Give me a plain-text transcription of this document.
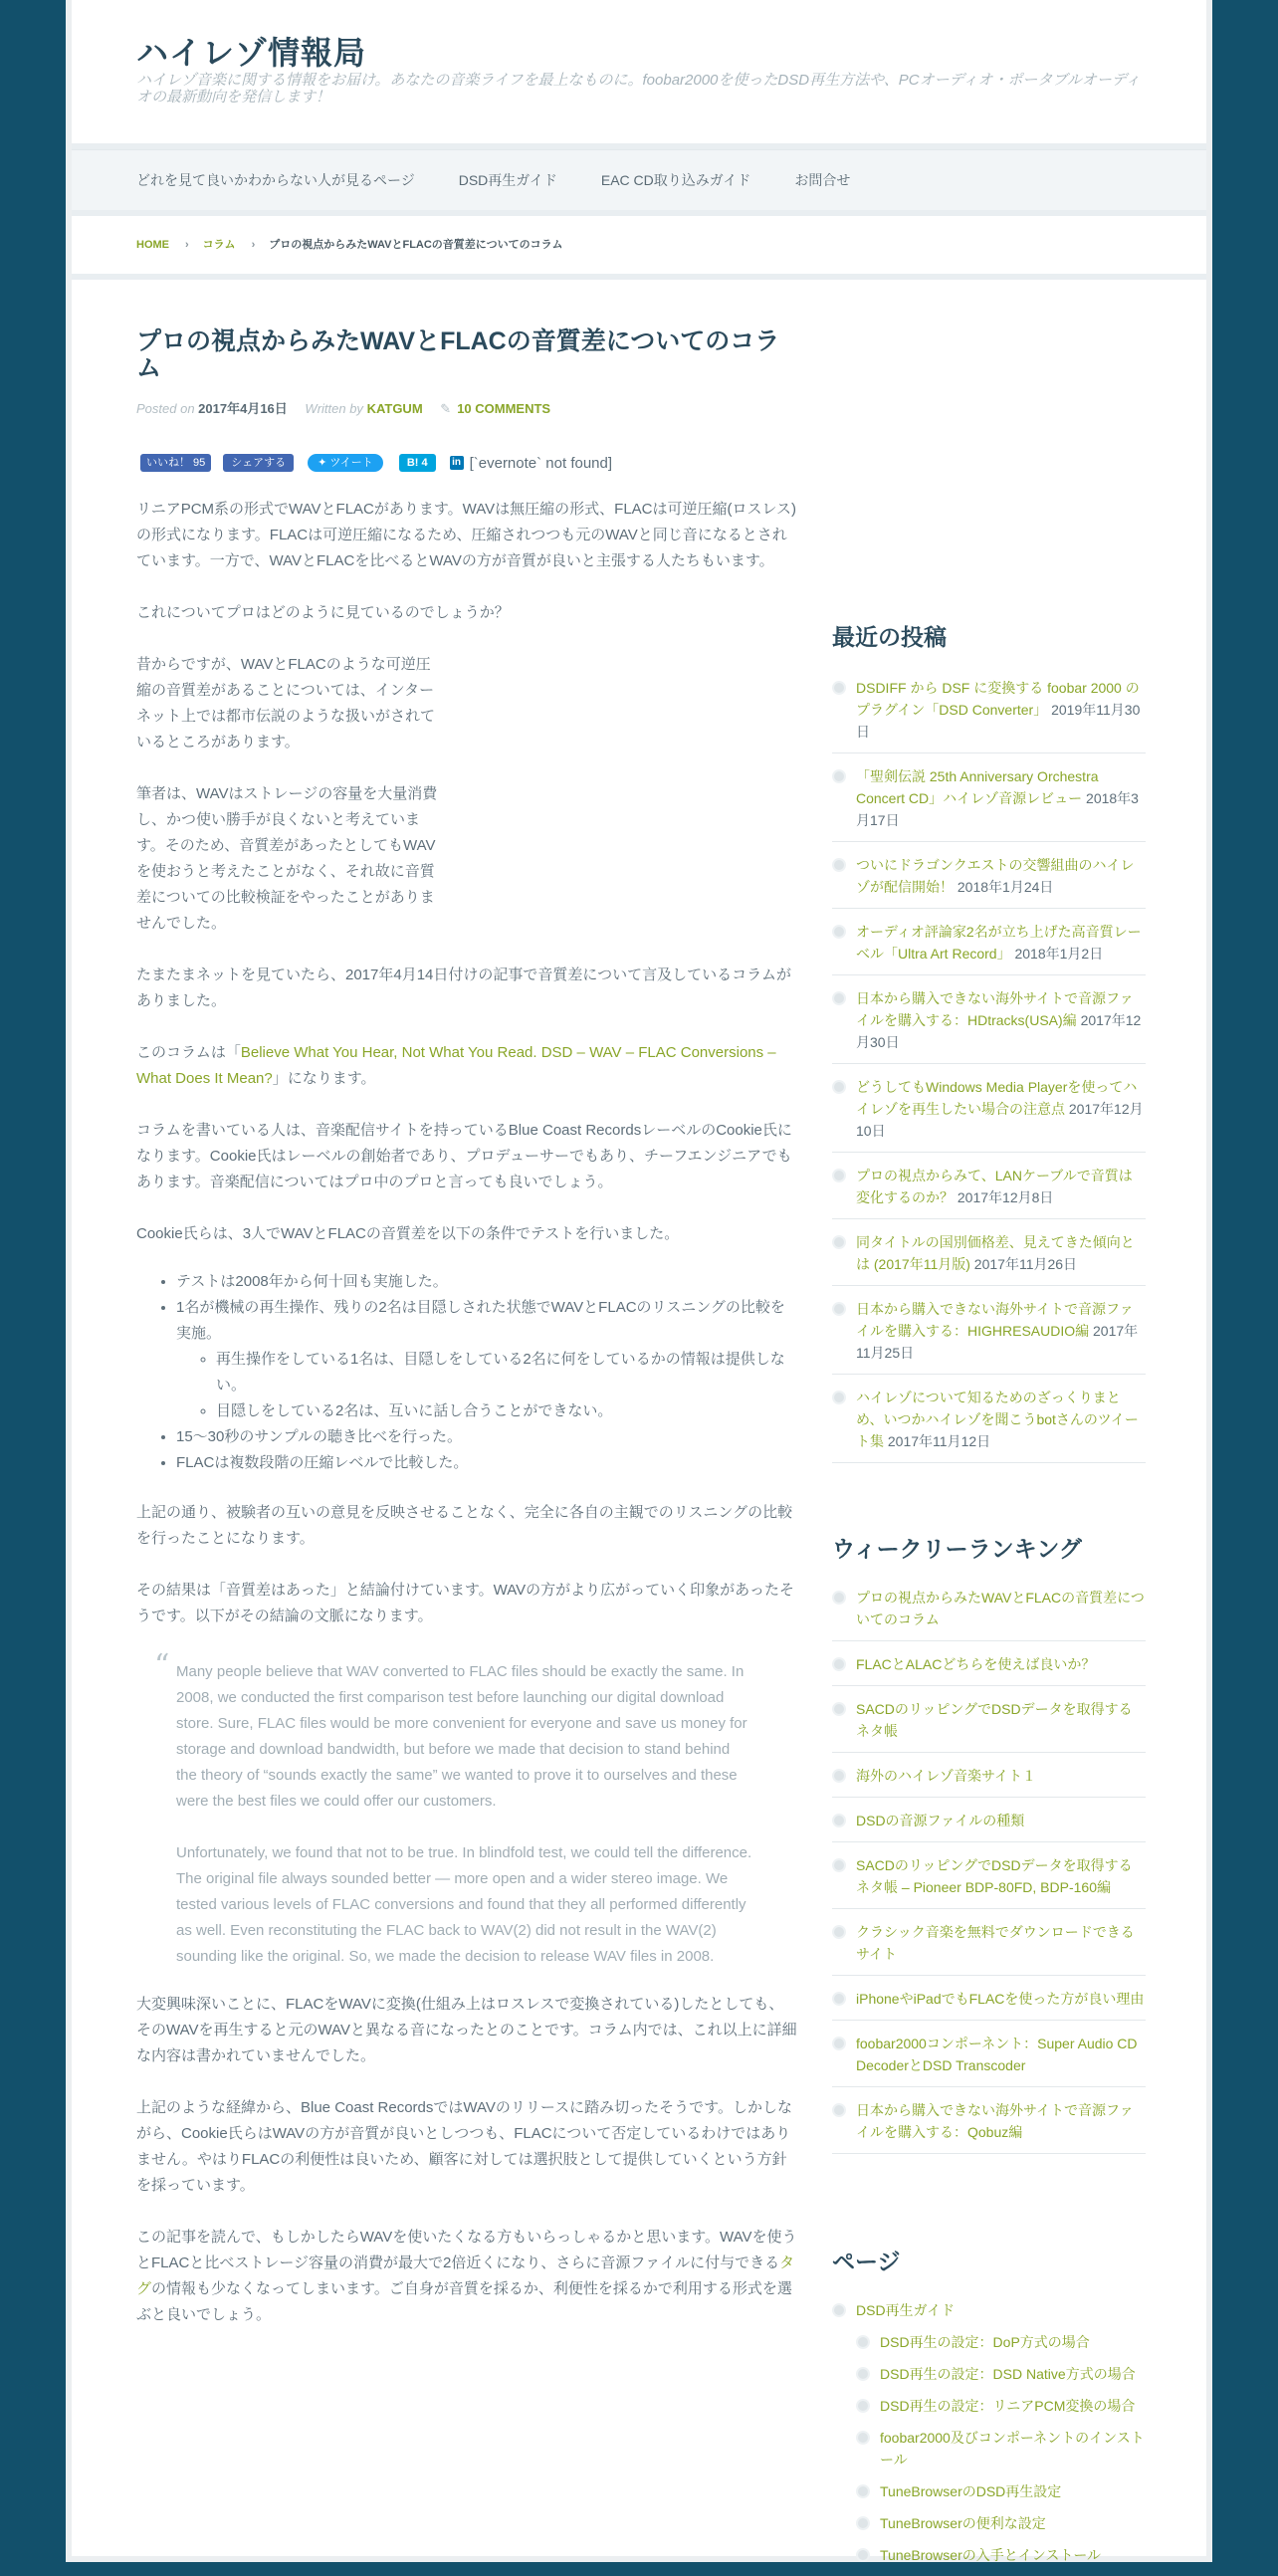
ハイレゾ情報局
ハイレゾ音楽に関する情報をお届け。あなたの音楽ライフを最上なものに。foobar2000を使ったDSD再生方法や、PCオーディオ・ポータブルオーディオの最新動向を発信します！
どれを見て良いかわからない人が見るページ	DSD再生ガイド	EAC CD取り込みガイド	お問合せ
HOME › コラム › プロの視点からみたWAVとFLACの音質差についてのコラム
プロの視点からみたWAVとFLACの音質差についてのコラム
Posted on 2017年4月16日 Written by KATGUM ✎ 10 COMMENTS
いいね！ 95	シェアする	✦ ツイート	B! 4	in [`evernote` not found]

リニアPCM系の形式でWAVとFLACがあります。WAVは無圧縮の形式、FLACは可逆圧縮(ロスレス)の形式になります。FLACは可逆圧縮になるため、圧縮されつつも元のWAVと同じ音になるとされています。一方で、WAVとFLACを比べるとWAVの方が音質が良いと主張する人たちもいます。

これについてプロはどのように見ているのでしょうか？

昔からですが、WAVとFLACのような可逆圧縮の音質差があることについては、インターネット上では都市伝説のような扱いがされているところがあります。

筆者は、WAVはストレージの容量を大量消費し、かつ使い勝手が良くないと考えています。そのため、音質差があったとしてもWAVを使おうと考えたことがなく、それ故に音質差についての比較検証をやったことがありませんでした。

たまたまネットを見ていたら、2017年4月14日付けの記事で音質差について言及しているコラムがありました。

このコラムは「Believe What You Hear, Not What You Read. DSD – WAV – FLAC Conversions – What Does It Mean?」になります。

コラムを書いている人は、音楽配信サイトを持っているBlue Coast RecordsレーベルのCookie氏になります。Cookie氏はレーベルの創始者であり、プロデューサーでもあり、チーフエンジニアでもあります。音楽配信についてはプロ中のプロと言っても良いでしょう。

Cookie氏らは、3人でWAVとFLACの音質差を以下の条件でテストを行いました。

• テストは2008年から何十回も実施した。
• 1名が機械の再生操作、残りの2名は目隠しされた状態でWAVとFLACのリスニングの比較を実施。
◦ 再生操作をしている1名は、目隠しをしている2名に何をしているかの情報は提供しない。
◦ 目隠しをしている2名は、互いに話し合うことができない。
• 15～30秒のサンプルの聴き比べを行った。
• FLACは複数段階の圧縮レベルで比較した。

上記の通り、被験者の互いの意見を反映させることなく、完全に各自の主観でのリスニングの比較を行ったことになります。

その結果は「音質差はあった」と結論付けています。WAVの方がより広がっていく印象があったそうです。以下がその結論の文脈になります。

“ Many people believe that WAV converted to FLAC files should be exactly the same. In 2008, we conducted the first comparison test before launching our digital download store. Sure, FLAC files would be more convenient for everyone and save us money for storage and download bandwidth, but before we made that decision to stand behind the theory of “sounds exactly the same” we wanted to prove it to ourselves and these were the best files we could offer our customers.

Unfortunately, we found that not to be true. In blindfold test, we could tell the difference. The original file always sounded better — more open and a wider stereo image. We tested various levels of FLAC conversions and found that they all performed differently as well. Even reconstituting the FLAC back to WAV(2) did not result in the WAV(2) sounding like the original. So, we made the decision to release WAV files in 2008.

大変興味深いことに、FLACをWAVに変換(仕組み上はロスレスで変換されている)したとしても、そのWAVを再生すると元のWAVと異なる音になったとのことです。コラム内では、これ以上に詳細な内容は書かれていませんでした。

上記のような経緯から、Blue Coast RecordsではWAVのリリースに踏み切ったそうです。しかしながら、Cookie氏らはWAVの方が音質が良いとしつつも、FLACについて否定しているわけではありません。やはりFLACの利便性は良いため、顧客に対しては選択肢として提供していくという方針を採っています。

この記事を読んで、もしかしたらWAVを使いたくなる方もいらっしゃるかと思います。WAVを使うとFLACと比べストレージ容量の消費が最大で2倍近くになり、さらに音源ファイルに付与できるタグの情報も少なくなってしまいます。ご自身が音質を採るか、利便性を採るかで利用する形式を選ぶと良いでしょう。

最近の投稿
DSDIFF から DSF に変換する foobar 2000 のプラグイン「DSD Converter」 2019年11月30日
「聖剣伝説 25th Anniversary Orchestra Concert CD」ハイレゾ音源レビュー 2018年3月17日
ついにドラゴンクエストの交響組曲のハイレゾが配信開始！ 2018年1月24日
オーディオ評論家2名が立ち上げた高音質レーベル「Ultra Art Record」 2018年1月2日
日本から購入できない海外サイトで音源ファイルを購入する：HDtracks(USA)編 2017年12月30日
どうしてもWindows Media Playerを使ってハイレゾを再生したい場合の注意点 2017年12月10日
プロの視点からみて、LANケーブルで音質は変化するのか？ 2017年12月8日
同タイトルの国別価格差、見えてきた傾向とは (2017年11月版) 2017年11月26日
日本から購入できない海外サイトで音源ファイルを購入する：HIGHRESAUDIO編 2017年11月25日
ハイレゾについて知るためのざっくりまとめ、いつかハイレゾを聞こうbotさんのツイート集 2017年11月12日
ウィークリーランキング
プロの視点からみたWAVとFLACの音質差についてのコラム
FLACとALACどちらを使えば良いか？
SACDのリッピングでDSDデータを取得するネタ帳
海外のハイレゾ音楽サイト１
DSDの音源ファイルの種類
SACDのリッピングでDSDデータを取得するネタ帳 – Pioneer BDP-80FD, BDP-160編
クラシック音楽を無料でダウンロードできるサイト
iPhoneやiPadでもFLACを使った方が良い理由
foobar2000コンポーネント：Super Audio CD DecoderとDSD Transcoder
日本から購入できない海外サイトで音源ファイルを購入する：Qobuz編
ページ
DSD再生ガイド
DSD再生の設定：DoP方式の場合
DSD再生の設定：DSD Native方式の場合
DSD再生の設定：リニアPCM変換の場合
foobar2000及びコンポーネントのインストール
TuneBrowserのDSD再生設定
TuneBrowserの便利な設定
TuneBrowserの入手とインストール
